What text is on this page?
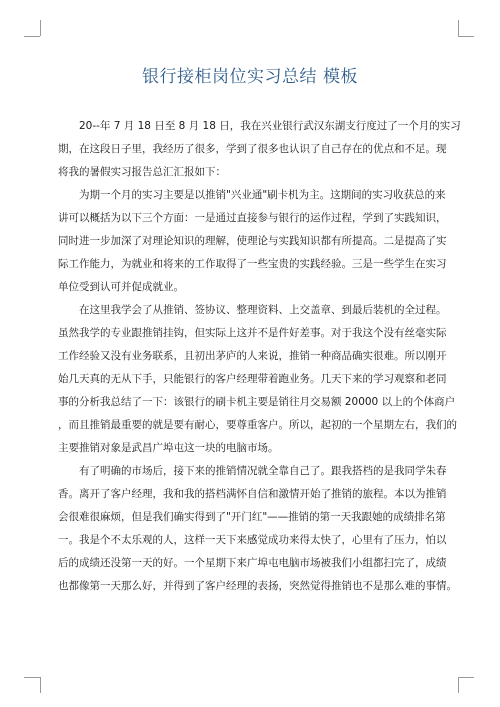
银行接柜岗位实习总结 模板
　　20--年 7 月 18 日至 8 月 18 日，我在兴业银行武汉东湖支行度过了一个月的实习
期，在这段日子里，我经历了很多，学到了很多也认识了自己存在的优点和不足。现
将我的暑假实习报告总汇汇报如下：
　　为期一个月的实习主要是以推销"兴业通"刷卡机为主。这期间的实习收获总的来
讲可以概括为以下三个方面：一是通过直接参与银行的运作过程，学到了实践知识，
同时进一步加深了对理论知识的理解，使理论与实践知识都有所提高。二是提高了实
际工作能力，为就业和将来的工作取得了一些宝贵的实践经验。三是一些学生在实习
单位受到认可并促成就业。
　　在这里我学会了从推销、签协议、整理资料、上交盖章、到最后装机的全过程。
虽然我学的专业跟推销挂钩，但实际上这并不是件好差事。对于我这个没有丝毫实际
工作经验又没有业务联系，且初出茅庐的人来说，推销一种商品确实很难。所以刚开
始几天真的无从下手，只能银行的客户经理带着跑业务。几天下来的学习观察和老同
事的分析我总结了一下：该银行的刷卡机主要是销往月交易额 20000 以上的个体商户
，而且推销最重要的就是要有耐心，要尊重客户。所以，起初的一个星期左右，我们的
主要推销对象是武昌广埠屯这一块的电脑市场。
　　有了明确的市场后，接下来的推销情况就全靠自己了。跟我搭档的是我同学朱春
香。离开了客户经理，我和我的搭档满怀自信和激情开始了推销的旅程。本以为推销
会很难很麻烦，但是我们确实得到了"开门红"——推销的第一天我跟她的成绩排名第
一。我是个不太乐观的人，这样一天下来感觉成功来得太快了，心里有了压力，怕以
后的成绩还没第一天的好。一个星期下来广埠屯电脑市场被我们小组都扫完了，成绩
也都像第一天那么好，并得到了客户经理的表扬，突然觉得推销也不是那么难的事情。
